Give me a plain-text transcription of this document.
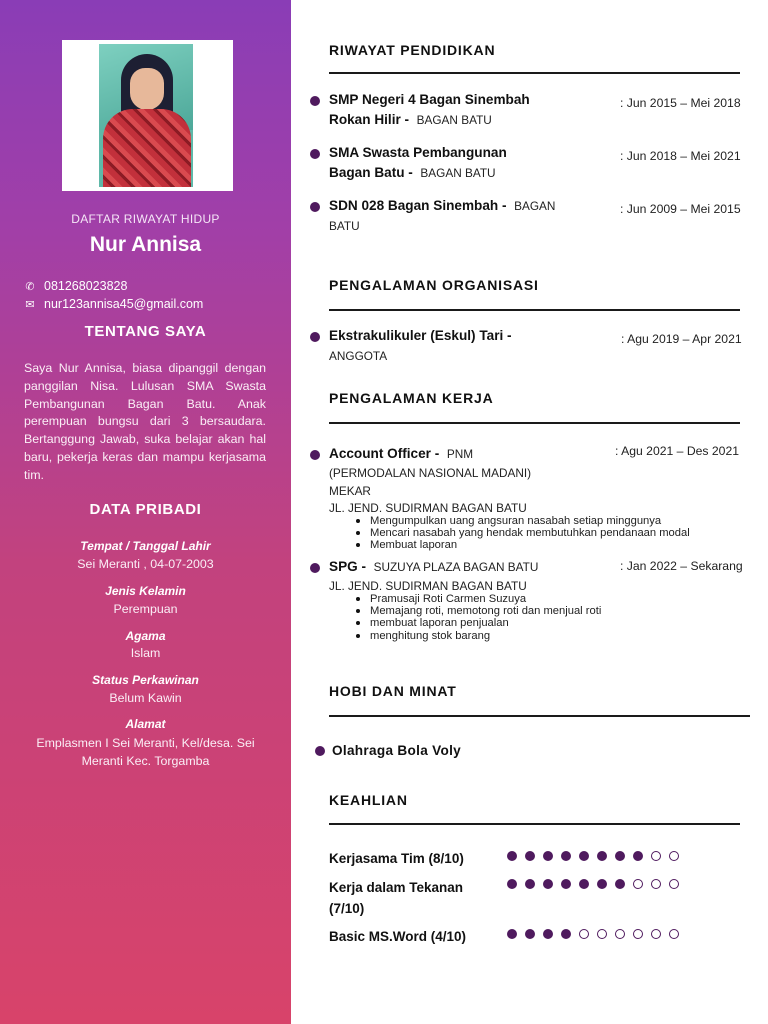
DAFTAR RIWAYAT HIDUP
Nur Annisa
✆ 081268023828
✉ nur123annisa45@gmail.com
TENTANG SAYA
Saya Nur Annisa, biasa dipanggil dengan panggilan Nisa. Lulusan SMA Swasta Pembangunan Bagan Batu. Anak perempuan bungsu dari 3 bersaudara. Bertanggung Jawab, suka belajar akan hal baru, pekerja keras dan mampu kerjasama tim.
DATA PRIBADI
Tempat / Tanggal Lahir
Sei Meranti , 04-07-2003
Jenis Kelamin
Perempuan
Agama
Islam
Status Perkawinan
Belum Kawin
Alamat
Emplasmen I Sei Meranti, Kel/desa. Sei Meranti Kec. Torgamba
RIWAYAT PENDIDIKAN
SMP Negeri 4 Bagan Sinembah
Rokan Hilir - BAGAN BATU
: Jun 2015 – Mei 2018
SMA Swasta Pembangunan
Bagan Batu - BAGAN BATU
: Jun 2018 – Mei 2021
SDN 028 Bagan Sinembah - BAGAN
BATU
: Jun 2009 – Mei 2015
PENGALAMAN ORGANISASI
Ekstrakulikuler (Eskul) Tari -
ANGGOTA
: Agu 2019 – Apr 2021
PENGALAMAN KERJA
Account Officer - PNM
(PERMODALAN NASIONAL MADANI)
MEKAR
JL. JEND. SUDIRMAN BAGAN BATU
: Agu 2021 – Des 2021
Mengumpulkan uang angsuran nasabah setiap minggunya
Mencari nasabah yang hendak membutuhkan pendanaan modal
Membuat laporan
SPG - SUZUYA PLAZA BAGAN BATU
JL. JEND. SUDIRMAN BAGAN BATU
: Jan 2022 – Sekarang
Pramusaji Roti Carmen Suzuya
Memajang roti, memotong roti dan menjual roti
membuat laporan penjualan
menghitung stok barang
HOBI DAN MINAT
Olahraga Bola Voly
KEAHLIAN
Kerjasama Tim (8/10)
Kerja dalam Tekanan (7/10)
Basic MS.Word (4/10)
